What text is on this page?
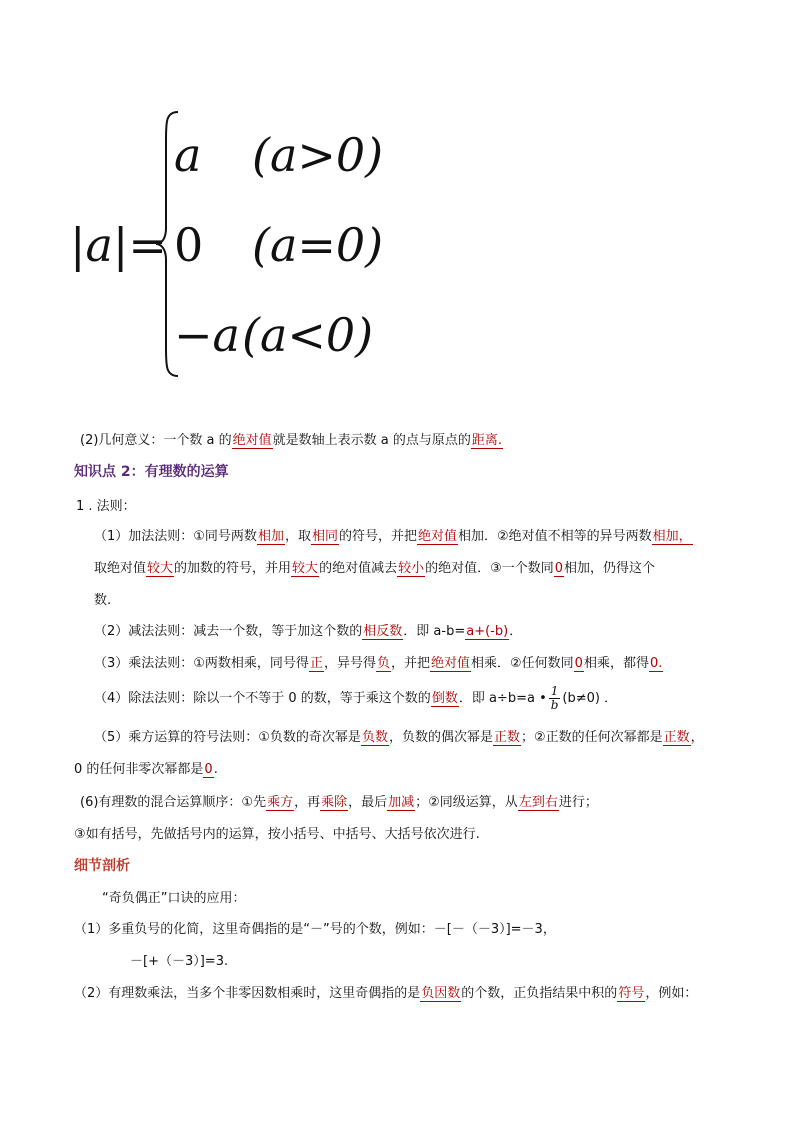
|a|=
a (a>0)
0 (a=0)
−a (a<0)
(2)几何意义：一个数 a 的绝对值就是数轴上表示数 a 的点与原点的距离.
知识点 2：有理数的运算
1 . 法则：
（1）加法法则：①同号两数相加，取相同的符号，并把绝对值相加．②绝对值不相等的异号两数相加，
取绝对值较大的加数的符号，并用较大的绝对值减去较小的绝对值．③一个数同0相加，仍得这个
数.
（2）减法法则：减去一个数，等于加这个数的相反数．即 a-b=a+(-b)．
（3）乘法法则：①两数相乘，同号得正，异号得负，并把绝对值相乘．②任何数同0相乘，都得0.
（4）除法法则：除以一个不等于 0 的数，等于乘这个数的倒数．即 a÷b=a • $\frac{1}{b} (b\ne 0)$ ．
（5）乘方运算的符号法则：①负数的奇次幂是负数，负数的偶次幂是正数；②正数的任何次幂都是正数，
0 的任何非零次幂都是0.
(6)有理数的混合运算顺序：①先乘方，再乘除，最后加减；②同级运算，从左到右进行；
③如有括号，先做括号内的运算，按小括号、中括号、大括号依次进行.
细节剖析
“奇负偶正”口诀的应用：
（1）多重负号的化简，这里奇偶指的是“－”号的个数，例如：－[－（－3）]=－3，
－[+（－3）]=3.
（2）有理数乘法，当多个非零因数相乘时，这里奇偶指的是负因数的个数，正负指结果中积的符号，例如：
